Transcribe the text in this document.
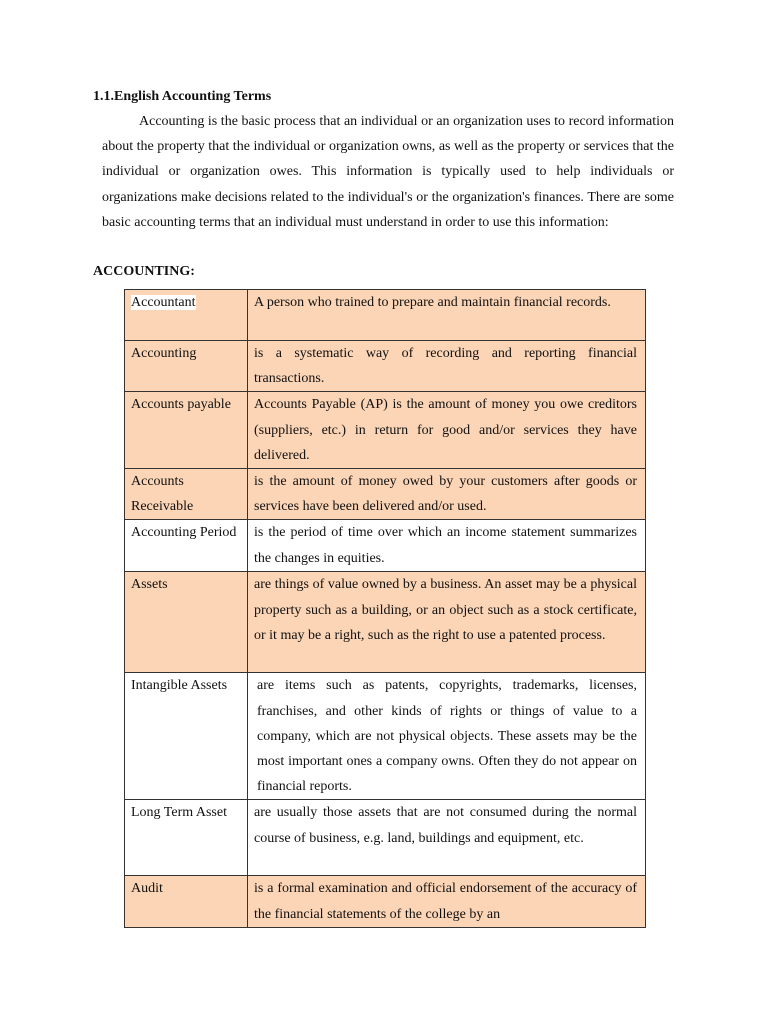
1.1.English Accounting Terms

Accounting is the basic process that an individual or an organization uses to record information about the property that the individual or organization owns, as well as the property or services that the individual or organization owes. This information is typically used to help individuals or organizations make decisions related to the individual's or the organization's finances. There are some basic accounting terms that an individual must understand in order to use this information:

ACCOUNTING:
Accountant	A person who trained to prepare and maintain financial records.
Accounting	is a systematic way of recording and reporting financial transactions.
Accounts payable	Accounts Payable (AP) is the amount of money you owe creditors (suppliers, etc.) in return for good and/or services they have delivered.
Accounts Receivable	is the amount of money owed by your customers after goods or services have been delivered and/or used.
Accounting Period	is the period of time over which an income statement summarizes the changes in equities.
Assets	are things of value owned by a business. An asset may be a physical property such as a building, or an object such as a stock certificate, or it may be a right, such as the right to use a patented process.
Intangible Assets	are items such as patents, copyrights, trademarks, licenses, franchises, and other kinds of rights or things of value to a company, which are not physical objects. These assets may be the most important ones a company owns. Often they do not appear on financial reports.
Long Term Asset	are usually those assets that are not consumed during the normal course of business, e.g. land, buildings and equipment, etc.
Audit	is a formal examination and official endorsement of the accuracy of the financial statements of the college by an
